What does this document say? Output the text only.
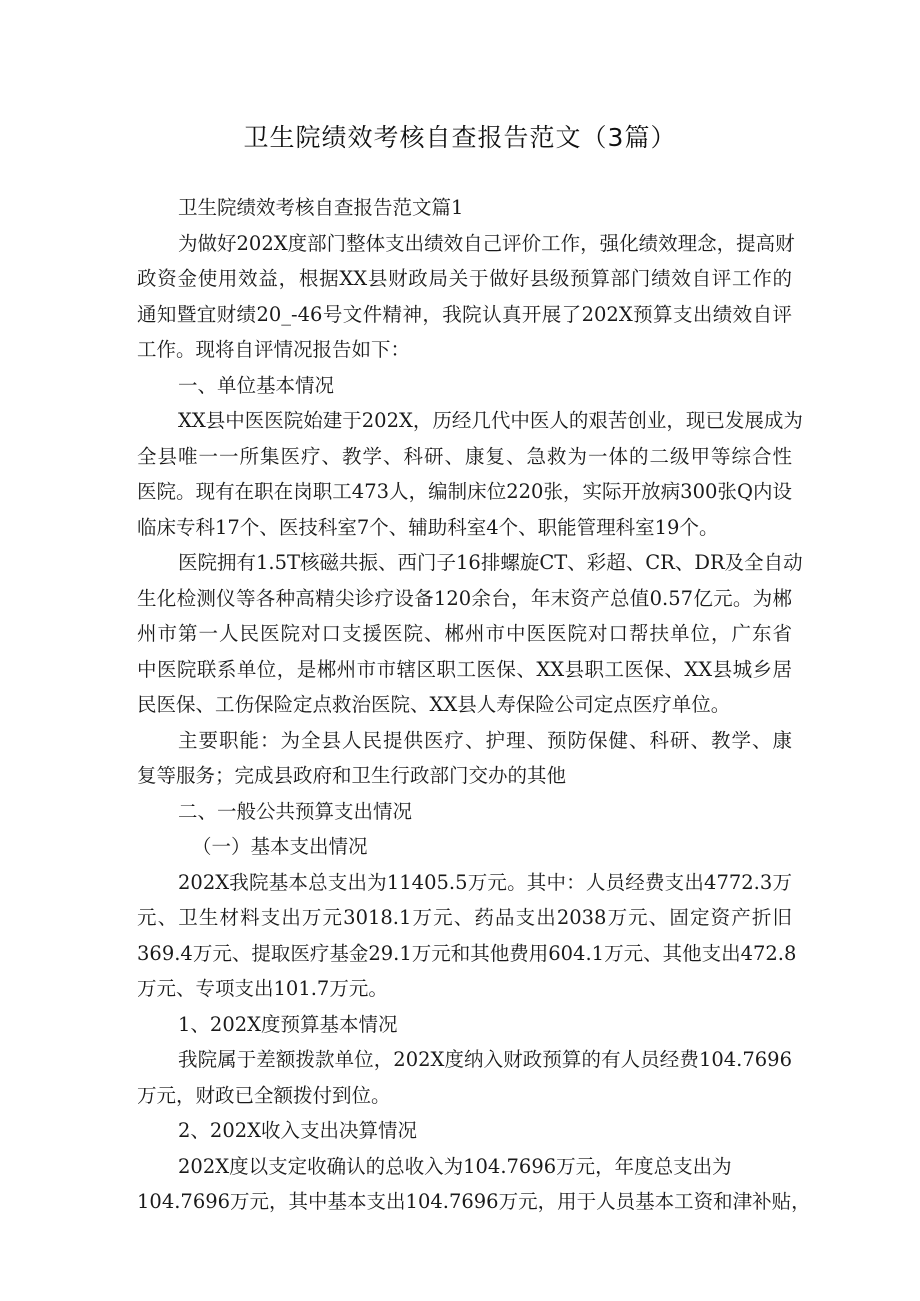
卫生院绩效考核自查报告范文（3篇）

卫生院绩效考核自查报告范文篇1

为做好202X度部门整体支出绩效自己评价工作，强化绩效理念，提高财

政资金使用效益，根据XX县财政局关于做好县级预算部门绩效自评工作的

通知暨宜财绩20_-46号文件精神，我院认真开展了202X预算支出绩效自评

工作。现将自评情况报告如下：

一、单位基本情况

XX县中医医院始建于202X，历经几代中医人的艰苦创业，现已发展成为

全县唯一一所集医疗、教学、科研、康复、急救为一体的二级甲等综合性

医院。现有在职在岗职工473人，编制床位220张，实际开放病300张Q内设

临床专科17个、医技科室7个、辅助科室4个、职能管理科室19个。

医院拥有1.5T核磁共振、西门子16排螺旋CT、彩超、CR、DR及全自动

生化检测仪等各种高精尖诊疗设备120余台，年末资产总值0.57亿元。为郴

州市第一人民医院对口支援医院、郴州市中医医院对口帮扶单位，广东省

中医院联系单位，是郴州市市辖区职工医保、XX县职工医保、XX县城乡居

民医保、工伤保险定点救治医院、XX县人寿保险公司定点医疗单位。

主要职能：为全县人民提供医疗、护理、预防保健、科研、教学、康

复等服务；完成县政府和卫生行政部门交办的其他

二、一般公共预算支出情况

（一）基本支出情况

202X我院基本总支出为11405.5万元。其中：人员经费支出4772.3万

元、卫生材料支出万元3018.1万元、药品支出2038万元、固定资产折旧

369.4万元、提取医疗基金29.1万元和其他费用604.1万元、其他支出472.8

万元、专项支出101.7万元。

1、202X度预算基本情况

我院属于差额拨款单位，202X度纳入财政预算的有人员经费104.7696

万元，财政已全额拨付到位。

2、202X收入支出决算情况

202X度以支定收确认的总收入为104.7696万元，年度总支出为

104.7696万元，其中基本支出104.7696万元，用于人员基本工资和津补贴，
